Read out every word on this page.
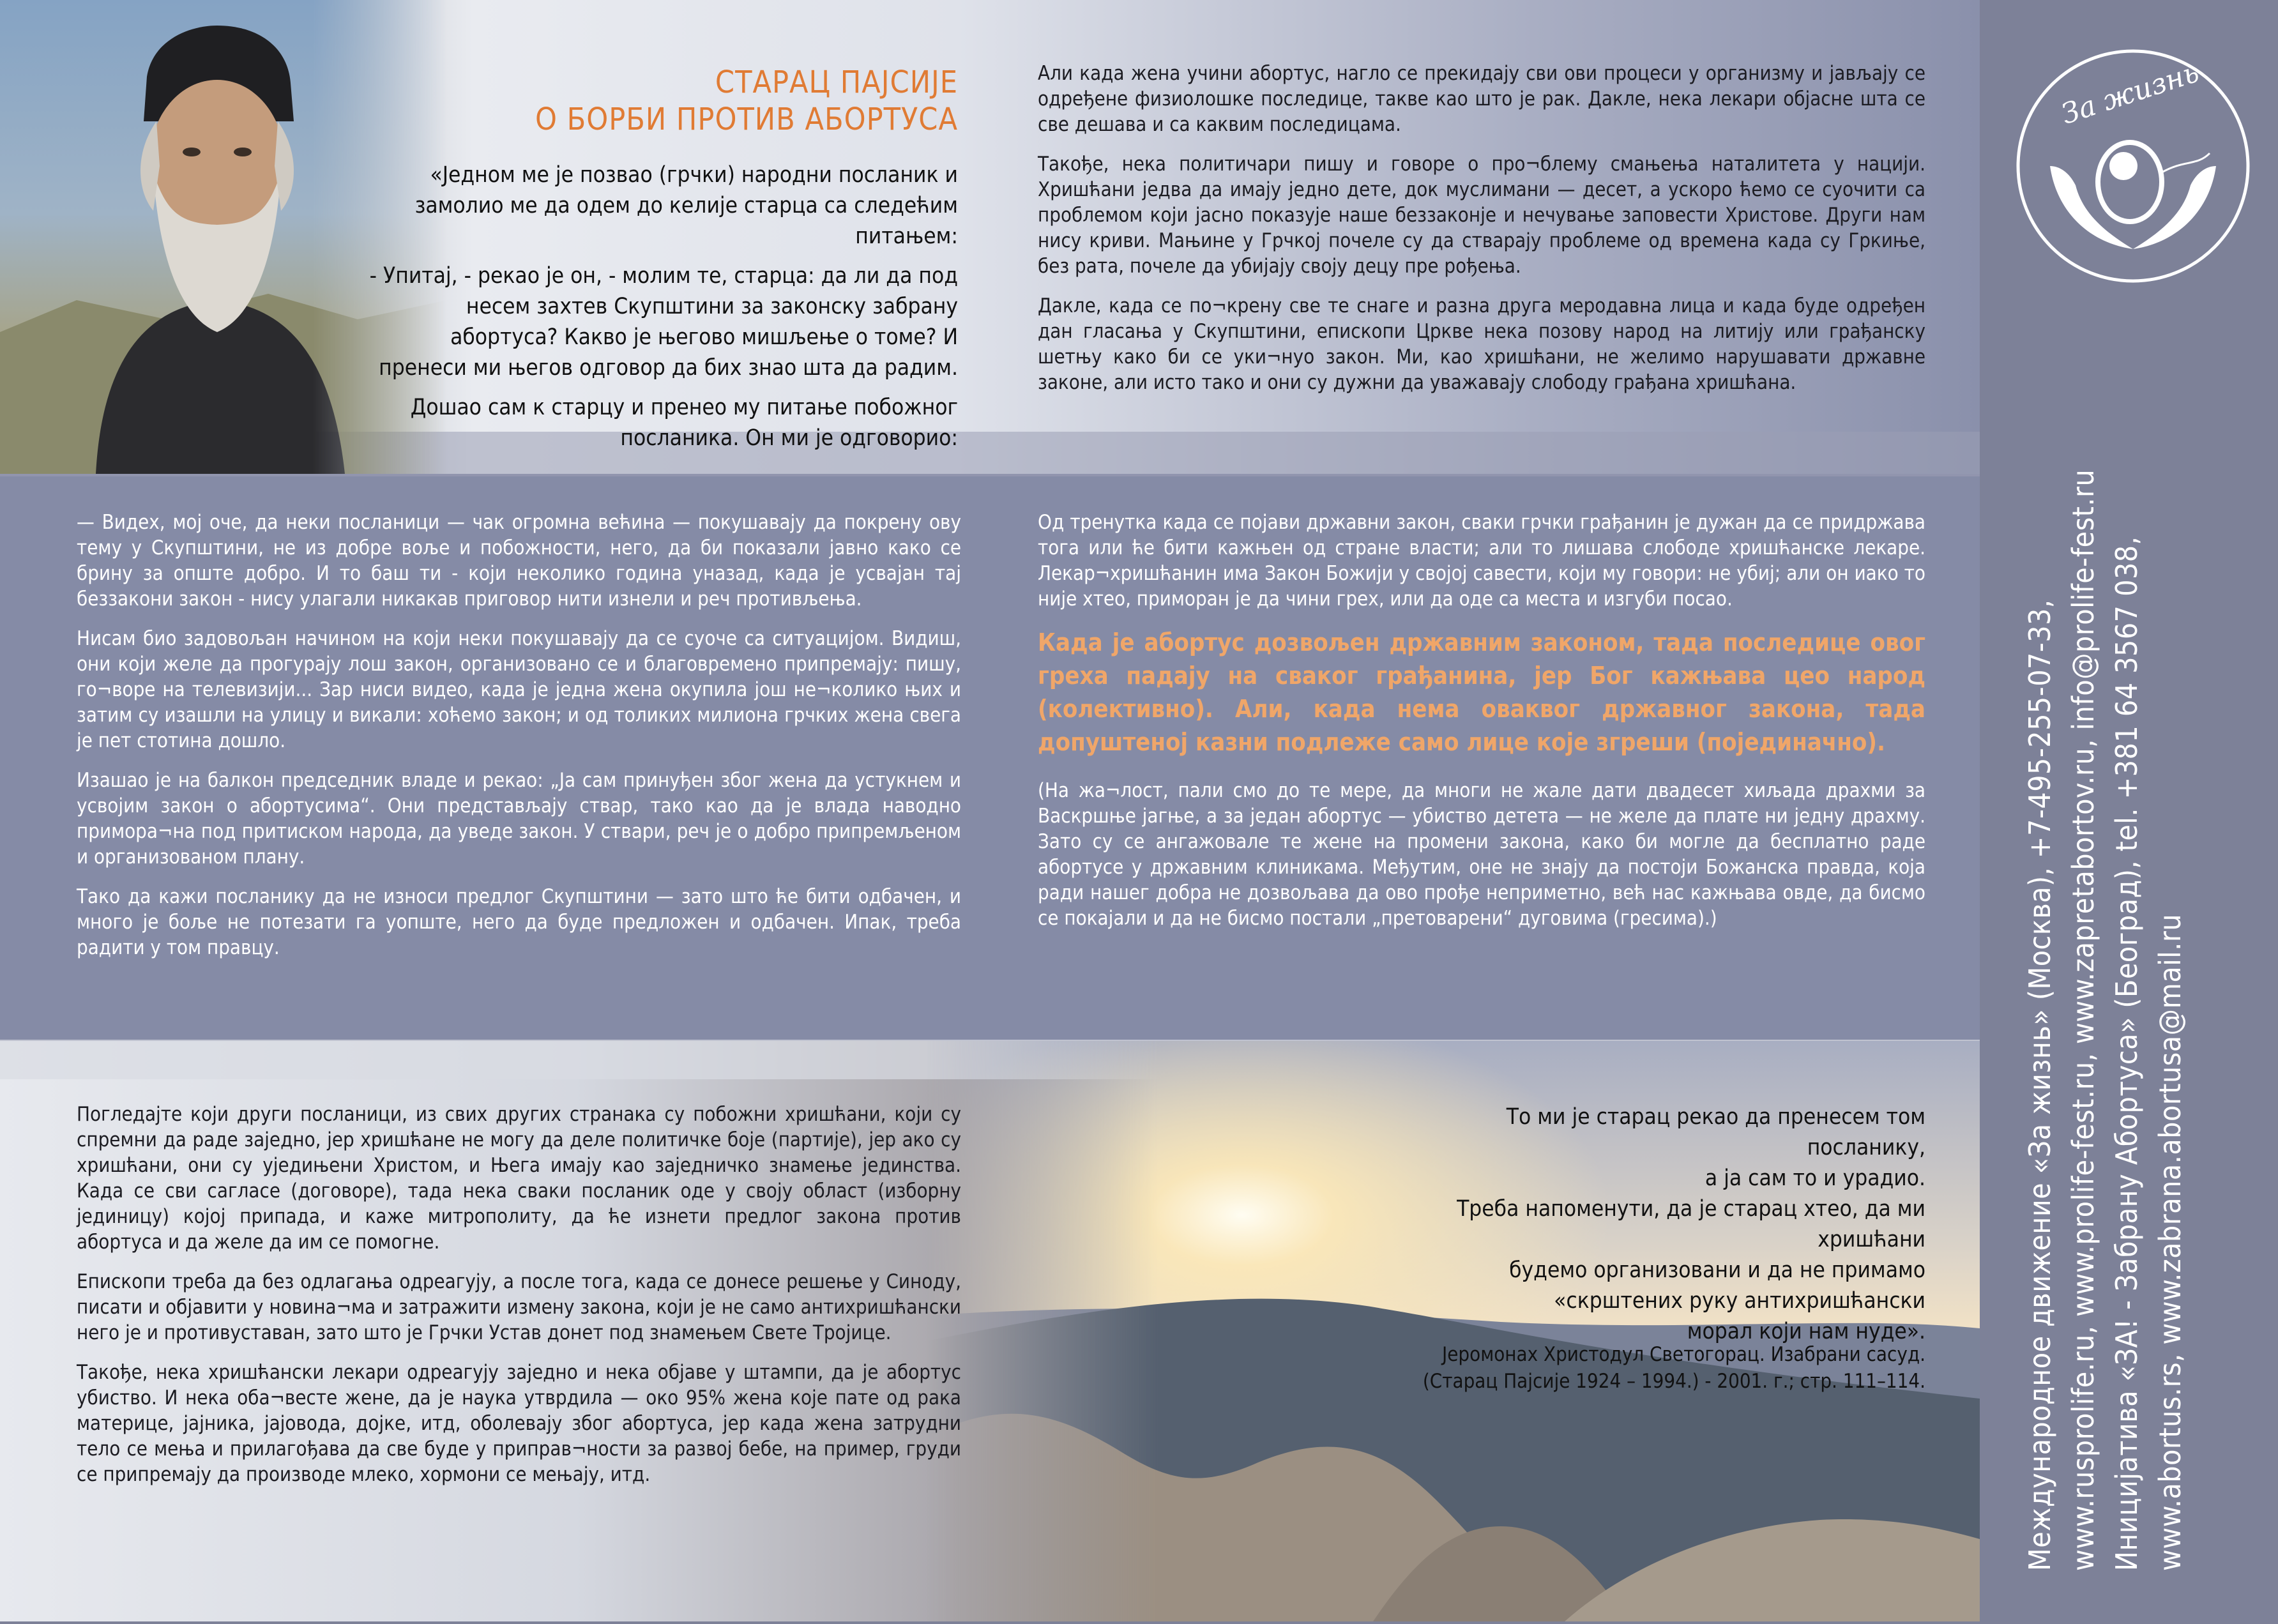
СТАРАЦ ПАЈСИЈЕ
О БОРБИ ПРОТИВ АБОРТУСА

«Једном ме је позвао (грчки) народни посланик и замолио ме да одем до келије старца са следећим питањем:

- Упитај, - рекао је он, - молим те, старца: да ли да под несем захтев Скупштини за законску забрану абортуса? Какво је његово мишљење о томе? И пренеси ми његов одговор да бих знао шта да радим.

Дошао сам к старцу и пренео му питање побожног посланика. Он ми је одговорио:

Али када жена учини абортус, нагло се прекидају сви ови процеси у организму и јављају се одређене физиолошке последице, такве као што је рак. Дакле, нека лекари објасне шта се све дешава и са каквим последицама.

Такође, нека политичари пишу и говоре о про¬блему смањења наталитета у нацији. Хришћани једва да имају једно дете, док муслимани — десет, а ускоро ћемо се суочити са проблемом који јасно показује наше беззаконје и нечување заповести Христове. Други нам нису криви. Мањине у Грчкој почеле су да стварају проблеме од времена када су Гркиње, без рата, почеле да убијају своју децу пре рођења.

Дакле, када се по¬крену све те снаге и разна друга меродавна лица и када буде одређен дан гласања у Скупштини, епископи Цркве нека позову народ на литију или грађанску шетњу како би се уки¬нуо закон. Ми, као хришћани, не желимо нарушавати државне законе, али исто тако и они су дужни да уважавају слободу грађана хришћана.

— Видех, мој оче, да неки посланици — чак огромна већина — покушавају да покрену ову тему у Скупштини, не из добре воље и побожности, него, да би показали јавно како се брину за опште добро. И то баш ти - који неколико година уназад, када је усвајан тај беззакони закон - нису улагали никакав приговор нити изнели и реч противљења.

Нисам био задовољан начином на који неки покушавају да се суоче са ситуацијом. Видиш, они који желе да прогурају лош закон, организовано се и благовремено припремају: пишу, го¬воре на телевизији... Зар ниси видео, када је једна жена окупила још не¬колико њих и затим су изашли на улицу и викали: хоћемо закон; и од толиких милиона грчких жена свега је пет стотина дошло.

Изашао је на балкон председник владе и рекао: „Ја сам принуђен због жена да устукнем и усвојим закон о абортусима“. Они представљају ствар, тако као да је влада наводно примора¬на под притиском народа, да уведе закон. У ствари, реч је о добро припремљеном и организованом плану.

Тако да кажи посланику да не износи предлог Скупштини — зато што ће бити одбачен, и много је боље не потезати га уопште, него да буде предложен и одбачен. Ипак, треба радити у том правцу.

Од тренутка када се појави државни закон, сваки грчки грађанин је дужан да се придржава тога или ће бити кажњен од стране власти; али то лишава слободе хришћанске лекаре. Лекар¬хришћанин има Закон Божији у својој савести, који му говори: не убиј; али он иако то није хтео, приморан је да чини грех, или да оде са места и изгуби посао.

Када је абортус дозвољен државним законом, тада последице овог греха падају на сваког грађанина, јер Бог кажњава цео народ (колективно). Али, када нема оваквог државног закона, тада допуштеној казни подлеже само лице које згреши (појединачно).

(На жа¬лост, пали смо до те мере, да многи не жале дати двадесет хиљада драхми за Васкршње јагње, а за један абортус — убиство детета — не желе да плате ни једну драхму. Зато су се ангажовале те жене на промени закона, како би могле да бесплатно раде абортусе у државним клиникама. Међутим, оне не знају да постоји Божанска правда, која ради нашег добра не дозвољава да ово прође неприметно, већ нас кажњава овде, да бисмо се покајали и да не бисмо постали „претоварени“ дуговима (гресима).)

Погледајте који други посланици, из свих других странака су побожни хришћани, који су спремни да раде заједно, јер хришћане не могу да деле политичке боје (партије), јер ако су хришћани, они су уједињени Христом, и Њега имају као заједничко знамење јединства. Када се сви сагласе (договоре), тада нека сваки посланик оде у своју област (изборну јединицу) којој припада, и каже митрополиту, да ће изнети предлог закона против абортуса и да желе да им се помогне.

Епископи треба да без одлагања одреагују, а после тога, када се донесе решење у Синоду, писати и објавити у новина¬ма и затражити измену закона, који је не само антихришћански него је и противуставан, зато што је Грчки Устав донет под знамењем Свете Тројице.

Такође, нека хришћански лекари одреагују заједно и нека објаве у штампи, да је абортус убиство. И нека оба¬весте жене, да је наука утврдила — око 95% жена које пате од рака материце, јајника, јајовода, дојке, итд, оболевају због абортуса, јер када жена затрудни тело се мења и прилагођава да све буде у приправ¬ности за развој бебе, на пример, груди се припремају да производе млеко, хормони се мењају, итд.

То ми је старац рекао да пренесем том посланику,
а ја сам то и урадио.
Треба напоменути, да је старац хтео, да ми хришћани
будемо организовани и да не примамо
«скрштених руку антихришћански
морал који нам нуде».
Јеромонах Христодул Светогорац. Изабрани сасуд.
(Старац Пајсије 1924 – 1994.) - 2001. г.; стр. 111–114.
За жизнь
Международное движение «За жизнь» (Москва), +7-495-255-07-33, www.rusprolife.ru, www.prolife-fest.ru, www.zapretabortov.ru, info@prolife-fest.ru Иницијатива «ЗА! - Забрану Абортуса» (Београд), tel. +381 64 3567 038, www.abortus.rs, www.zabrana.abortusa@mail.ru
